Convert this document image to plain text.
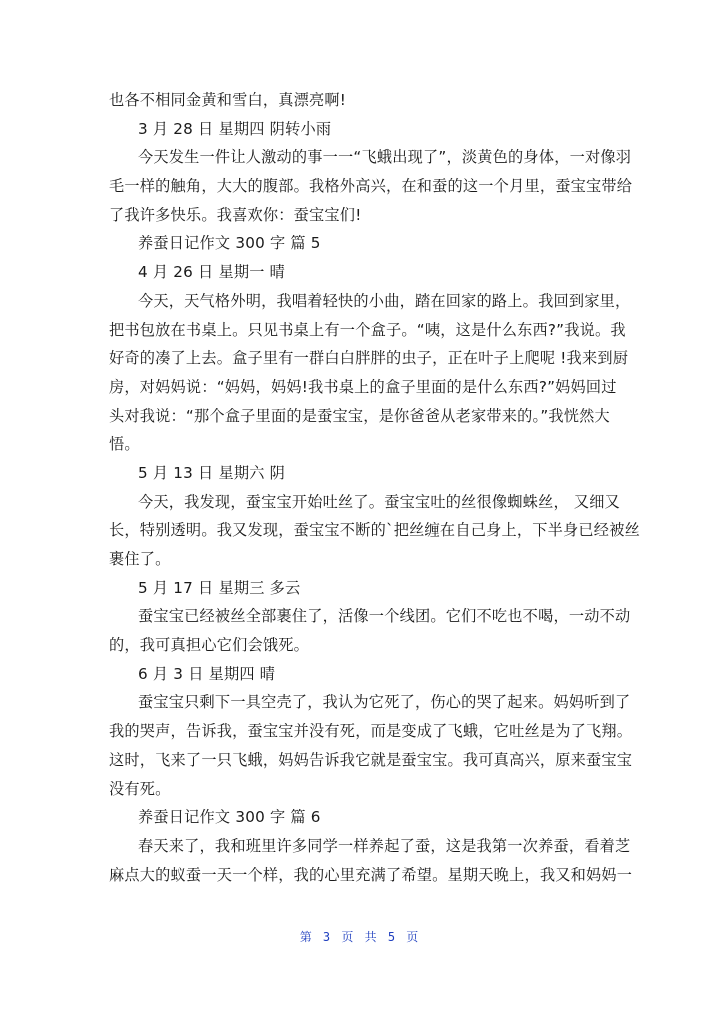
也各不相同金黄和雪白，真漂亮啊!
3 月 28 日 星期四 阴转小雨
今天发生一件让人激动的事一一“飞蛾出现了”，淡黄色的身体，一对像羽
毛一样的触角，大大的腹部。我格外高兴，在和蚕的这一个月里，蚕宝宝带给
了我许多快乐。我喜欢你：蚕宝宝们!
养蚕日记作文 300 字 篇 5
4 月 26 日 星期一 晴
今天，天气格外明，我唱着轻快的小曲，踏在回家的路上。我回到家里，
把书包放在书桌上。只见书桌上有一个盒子。“咦，这是什么东西?”我说。我
好奇的凑了上去。盒子里有一群白白胖胖的虫子，正在叶子上爬呢 !我来到厨
房，对妈妈说：“妈妈，妈妈!我书桌上的盒子里面的是什么东西?”妈妈回过
头对我说：“那个盒子里面的是蚕宝宝，是你爸爸从老家带来的。”我恍然大
悟。
5 月 13 日 星期六 阴
今天，我发现，蚕宝宝开始吐丝了。蚕宝宝吐的丝很像蜘蛛丝， 又细又
长，特别透明。我又发现，蚕宝宝不断的`把丝缠在自己身上，下半身已经被丝
裹住了。
5 月 17 日 星期三 多云
蚕宝宝已经被丝全部裹住了，活像一个线团。它们不吃也不喝，一动不动
的，我可真担心它们会饿死。
6 月 3 日 星期四 晴
蚕宝宝只剩下一具空壳了，我认为它死了，伤心的哭了起来。妈妈听到了
我的哭声，告诉我，蚕宝宝并没有死，而是变成了飞蛾，它吐丝是为了飞翔。
这时，飞来了一只飞蛾，妈妈告诉我它就是蚕宝宝。我可真高兴，原来蚕宝宝
没有死。
养蚕日记作文 300 字 篇 6
春天来了，我和班里许多同学一样养起了蚕，这是我第一次养蚕，看着芝
麻点大的蚁蚕一天一个样，我的心里充满了希望。星期天晚上，我又和妈妈一
第 3 页 共 5 页
